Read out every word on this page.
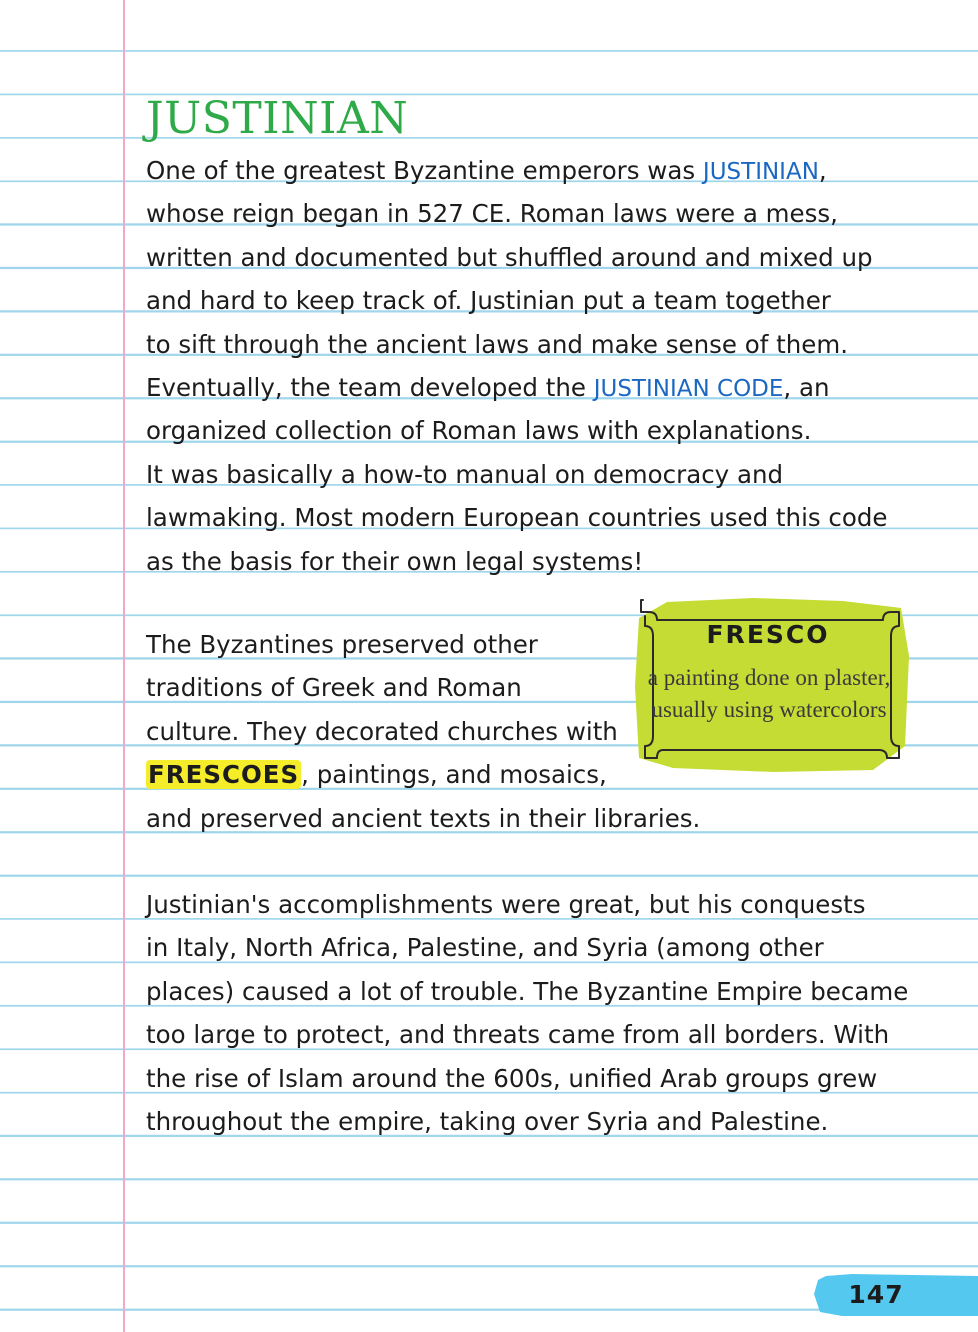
JUSTINIAN
One of the greatest Byzantine emperors was JUSTINIAN,
whose reign began in 527 CE. Roman laws were a mess,
written and documented but shuffled around and mixed up
and hard to keep track of. Justinian put a team together
to sift through the ancient laws and make sense of them.
Eventually, the team developed the JUSTINIAN CODE, an
organized collection of Roman laws with explanations.
It was basically a how-to manual on democracy and
lawmaking. Most modern European countries used this code
as the basis for their own legal systems!
The Byzantines preserved other
traditions of Greek and Roman
culture. They decorated churches with
FRESCOES, paintings, and mosaics,
and preserved ancient texts in their libraries.
FRESCO
a painting done on plaster, usually using watercolors
Justinian's accomplishments were great, but his conquests
in Italy, North Africa, Palestine, and Syria (among other
places) caused a lot of trouble. The Byzantine Empire became
too large to protect, and threats came from all borders. With
the rise of Islam around the 600s, unified Arab groups grew
throughout the empire, taking over Syria and Palestine.
147
